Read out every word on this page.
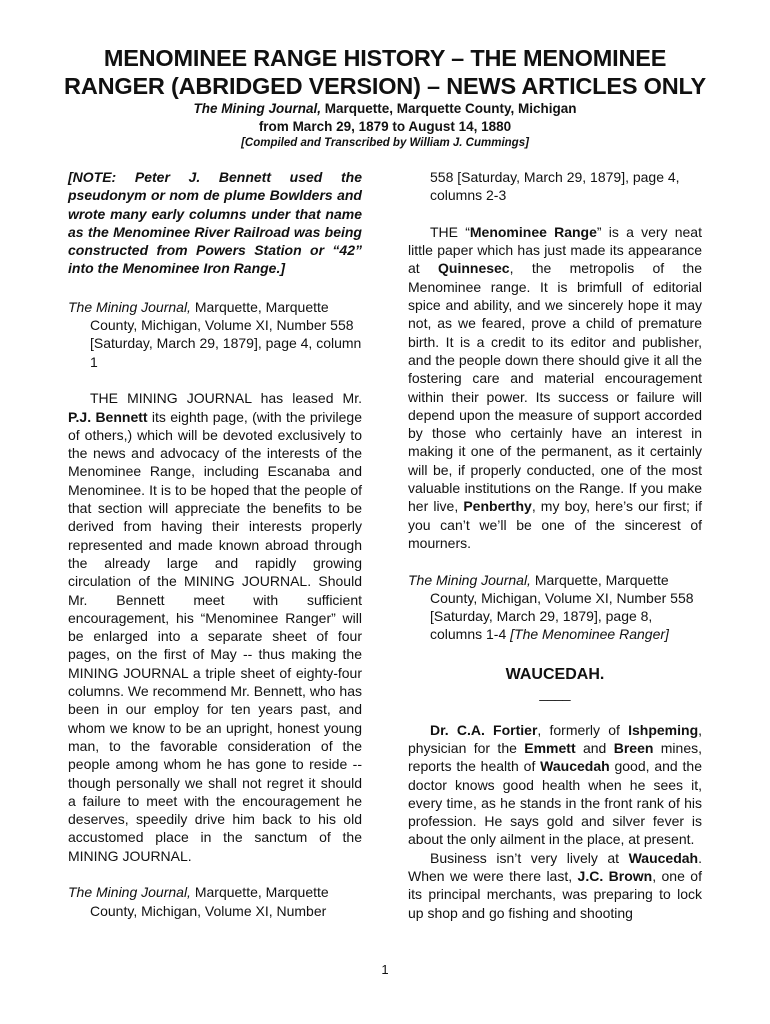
MENOMINEE RANGE HISTORY – THE MENOMINEE
RANGER (ABRIDGED VERSION) – NEWS ARTICLES ONLY
The Mining Journal, Marquette, Marquette County, Michigan
from March 29, 1879 to August 14, 1880
[Compiled and Transcribed by William J. Cummings]

[NOTE: Peter J. Bennett used the pseudonym or nom de plume Bowlders and wrote many early columns under that name as the Menominee River Railroad was being constructed from Powers Station or “42” into the Menominee Iron Range.]

The Mining Journal, Marquette, Marquette County, Michigan, Volume XI, Number 558 [Saturday, March 29, 1879], page 4, column 1

THE MINING JOURNAL has leased Mr. P.J. Bennett its eighth page, (with the privilege of others,) which will be devoted exclusively to the news and advocacy of the interests of the Menominee Range, including Escanaba and Menominee. It is to be hoped that the people of that section will appreciate the benefits to be derived from having their interests properly represented and made known abroad through the already large and rapidly growing circulation of the MINING JOURNAL. Should Mr. Bennett meet with sufficient encouragement, his “Menominee Ranger” will be enlarged into a separate sheet of four pages, on the first of May -- thus making the MINING JOURNAL a triple sheet of eighty-four columns. We recommend Mr. Bennett, who has been in our employ for ten years past, and whom we know to be an upright, honest young man, to the favorable consideration of the people among whom he has gone to reside -- though personally we shall not regret it should a failure to meet with the encouragement he deserves, speedily drive him back to his old accustomed place in the sanctum of the MINING JOURNAL.

The Mining Journal, Marquette, Marquette County, Michigan, Volume XI, Number

558 [Saturday, March 29, 1879], page 4, columns 2-3

THE “Menominee Range” is a very neat little paper which has just made its appearance at Quinnesec, the metropolis of the Menominee range. It is brimfull of editorial spice and ability, and we sincerely hope it may not, as we feared, prove a child of premature birth. It is a credit to its editor and publisher, and the people down there should give it all the fostering care and material encouragement within their power. Its success or failure will depend upon the measure of support accorded by those who certainly have an interest in making it one of the permanent, as it certainly will be, if properly conducted, one of the most valuable institutions on the Range. If you make her live, Penberthy, my boy, here’s our first; if you can’t we’ll be one of the sincerest of mourners.

The Mining Journal, Marquette, Marquette County, Michigan, Volume XI, Number 558 [Saturday, March 29, 1879], page 8, columns 1-4 [The Menominee Ranger]

WAUCEDAH.

____

Dr. C.A. Fortier, formerly of Ishpeming, physician for the Emmett and Breen mines, reports the health of Waucedah good, and the doctor knows good health when he sees it, every time, as he stands in the front rank of his profession. He says gold and silver fever is about the only ailment in the place, at present.

Business isn’t very lively at Waucedah. When we were there last, J.C. Brown, one of its principal merchants, was preparing to lock up shop and go fishing and shooting

1
